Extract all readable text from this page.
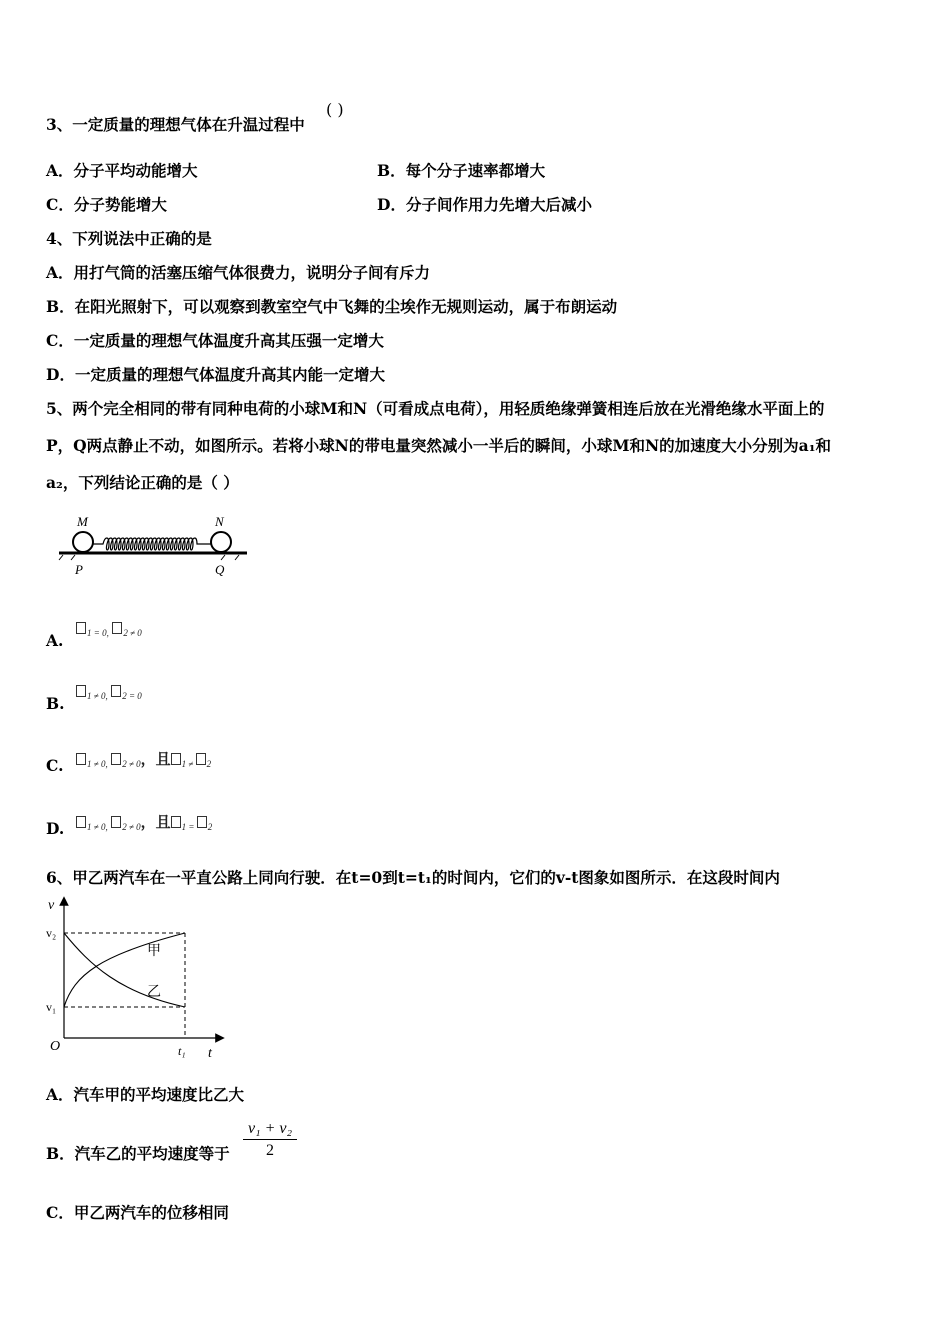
3、一定质量的理想气体在升温过程中
( )
A．分子平均动能增大	B．每个分子速率都增大
C．分子势能增大	D．分子间作用力先增大后减小
4、下列说法中正确的是
A．用打气筒的活塞压缩气体很费力，说明分子间有斥力
B．在阳光照射下，可以观察到教室空气中飞舞的尘埃作无规则运动，属于布朗运动
C．一定质量的理想气体温度升高其压强一定增大
D．一定质量的理想气体温度升高其内能一定增大
5、两个完全相同的带有同种电荷的小球M和N（可看成点电荷），用轻质绝缘弹簧相连后放在光滑绝缘水平面上的
P，Q两点静止不动，如图所示。若将小球N的带电量突然减小一半后的瞬间，小球M和N的加速度大小分别为a₁和
a₂，下列结论正确的是（ ）
M	N
P	Q
A.	$_{1 = 0,}$ $_{2 \ne 0}$
B.	$_{1 \ne 0,}$ $_{2 = 0}$
C.	$_{1 \ne 0,}$ $_{2 \ne 0}$，且 $_{1 \ne}$ $_2$
D.	$_{1 \ne 0,}$ $_{2 \ne 0}$，且 $_{1 =}$ $_2$
6、甲乙两汽车在一平直公路上同向行驶．在t=0到t=t₁的时间内，它们的v-t图象如图所示．在这段时间内
v
t
O
v₂
v₁
t₁
甲
乙
A．汽车甲的平均速度比乙大
B．汽车乙的平均速度等于 $\frac{\text{v₁ + v₂}}{2}$
C．甲乙两汽车的位移相同
